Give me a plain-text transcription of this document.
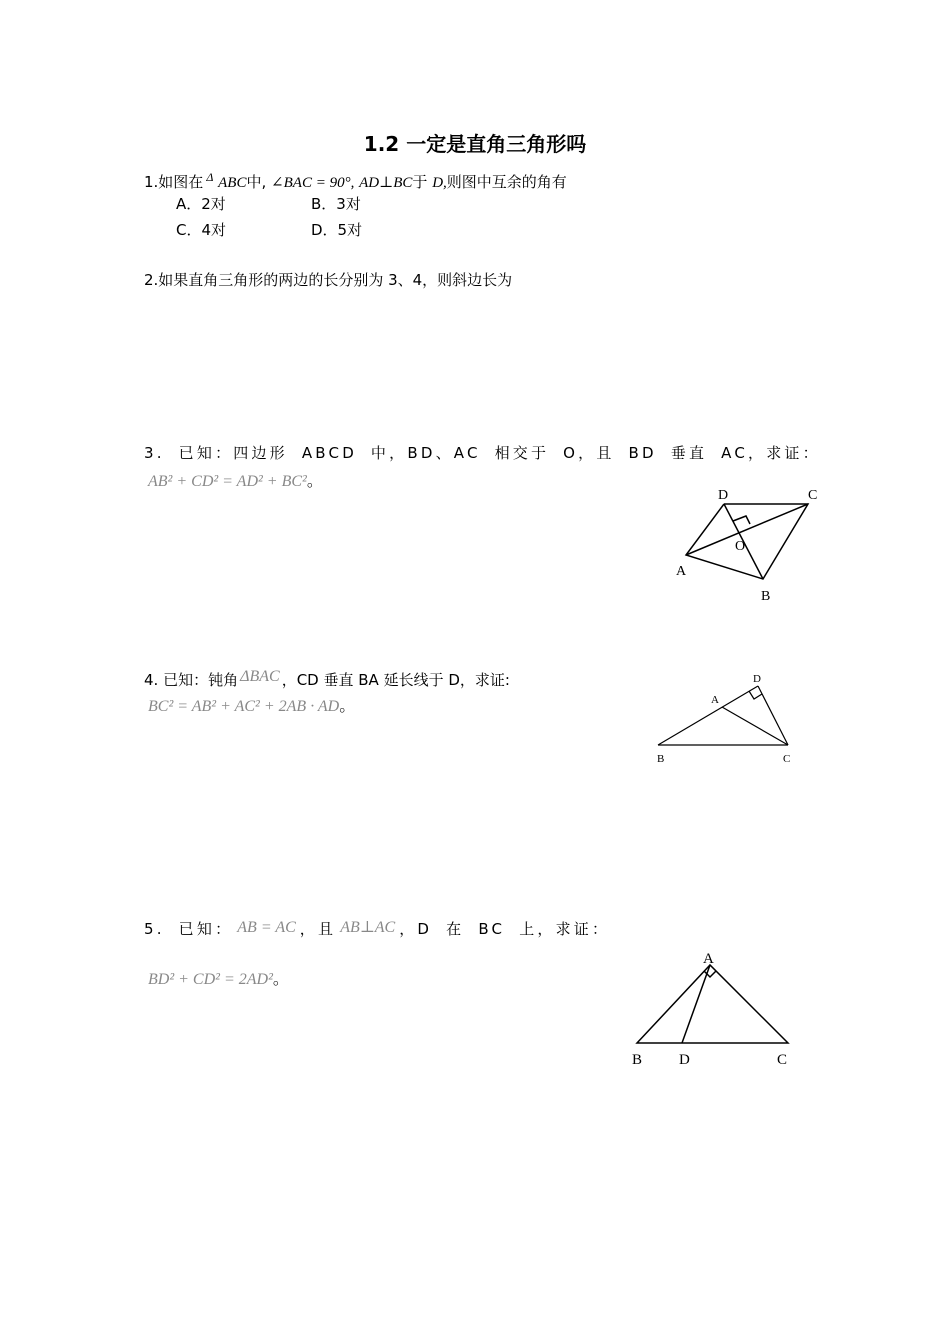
1.2 一定是直角三角形吗
1.如图在 $^\Delta$ ABC中, ∠BAC = 90°, AD⊥BC于 D,则图中互余的角有
A．2对	B．3对
C．4对	D．5对
2.如果直角三角形的两边的长分别为 3、4，则斜边长为
3. 已知：四边形 ABCD 中，BD、AC 相交于 O，且 BD 垂直 AC，求证：
AB² + CD² = AD² + BC²。
D	C
O
A
B
4. 已知：钝角 ΔBAC ，CD 垂直 BA 延长线于 D，求证:
BC² = AB² + AC² + 2AB · AD。
D
A
B	C
5. 已知： AB = AC ，且 AB⊥AC ，D 在 BC 上，求证：
BD² + CD² = 2AD²。
A
B D	C
